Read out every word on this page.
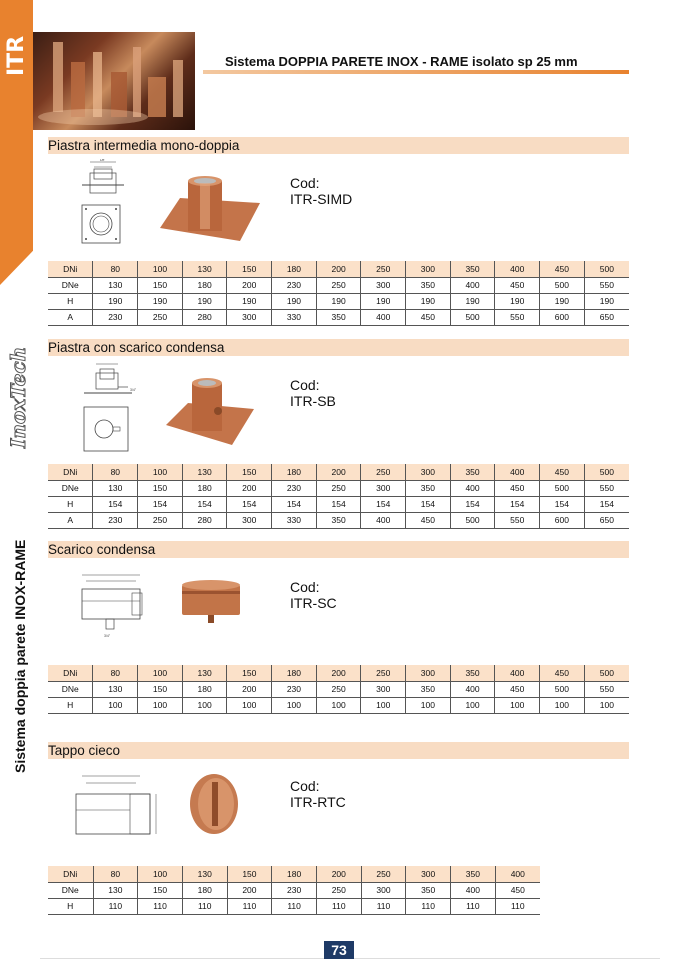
ITR
InoxTech
Sistema doppia parete INOX-RAME
Sistema DOPPIA PARETE INOX - RAME isolato sp 25 mm
Piastra intermedia mono-doppia
De
Cod:
ITR-SIMD
DNi	80	100	130	150	180	200	250	300	350	400	450	500
DNe	130	150	180	200	230	250	300	350	400	450	500	550
H	190	190	190	190	190	190	190	190	190	190	190	190
A	230	250	280	300	330	350	400	450	500	550	600	650
Piastra con scarico condensa
3/4"	Cod:
ITR-SB
DNi	80	100	130	150	180	200	250	300	350	400	450	500
DNe	130	150	180	200	230	250	300	350	400	450	500	550
H	154	154	154	154	154	154	154	154	154	154	154	154
A	230	250	280	300	330	350	400	450	500	550	600	650
Scarico condensa
3/4"
Cod:
ITR-SC
DNi	80	100	130	150	180	200	250	300	350	400	450	500
DNe	130	150	180	200	230	250	300	350	400	450	500	550
H	100	100	100	100	100	100	100	100	100	100	100	100
Tappo cieco
Cod:
ITR-RTC
DNi	80	100	130	150	180	200	250	300	350	400
DNe	130	150	180	200	230	250	300	350	400	450
H	110	110	110	110	110	110	110	110	110	110
73
